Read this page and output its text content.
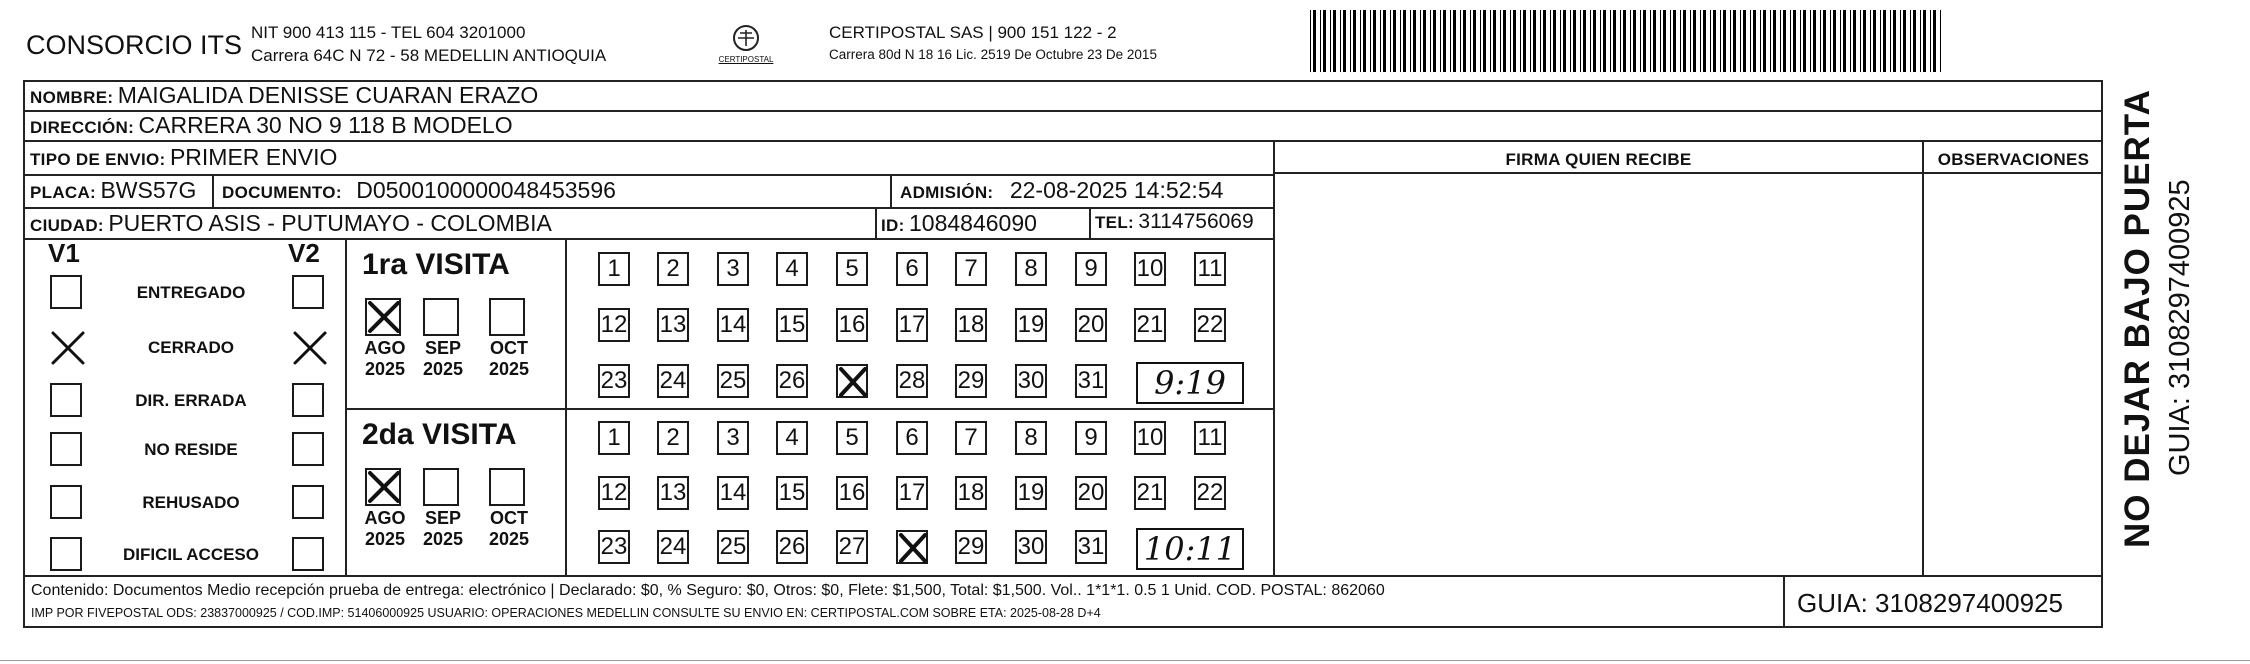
CONSORCIO ITS NIT 900 413 115 - TEL 604 3201000
Carrera 64C N 72 - 58 MEDELLIN ANTIOQUIA	CERTIPOSTAL
CERTIPOSTAL SAS | 900 151 122 - 2
Carrera 80d N 18 16 Lic. 2519 De Octubre 23 De 2015
NOMBRE: MAIGALIDA DENISSE CUARAN ERAZO
DIRECCIÓN: CARRERA 30 NO 9 118 B MODELO
TIPO DE ENVIO: PRIMER ENVIO	FIRMA QUIEN RECIBE	OBSERVACIONES
PLACA: BWS57G DOCUMENTO: D0500100000048453596	ADMISIÓN: 22-08-2025 14:52:54
CIUDAD: PUERTO ASIS - PUTUMAYO - COLOMBIA	ID: 1084846090	TEL: 3114756069
V1	V2
ENTREGADO
CERRADO
DIR. ERRADA
NO RESIDE
REHUSADO
DIFICIL ACCESO
1ra VISITA
AGO
2025
SEP
2025
OCT
2025
1	2	3	4	5	6	7	8	9	10 11
12 13 14 15 16 17 18 19 20 21 22
23 24 25 26	28 29 30 31	9:19
2da VISITA
AGO
2025
SEP
2025
OCT
2025
1	2	3	4	5	6	7	8	9	10 11
12 13 14 15 16 17 18 19 20 21 22
23 24 25 26 27	29 30 31 10:11
Contenido: Documentos Medio recepción prueba de entrega: electrónico | Declarado: $0, % Seguro: $0, Otros: $0, Flete: $1,500, Total: $1,500. Vol.. 1*1*1. 0.5 1 Unid. COD. POSTAL: 862060
IMP POR FIVEPOSTAL ODS: 23837000925 / COD.IMP: 51406000925 USUARIO: OPERACIONES MEDELLIN CONSULTE SU ENVIO EN: CERTIPOSTAL.COM SOBRE ETA: 2025-08-28 D+4	GUIA: 3108297400925
NO DEJAR BAJO PUERTA GUIA: 3108297400925
